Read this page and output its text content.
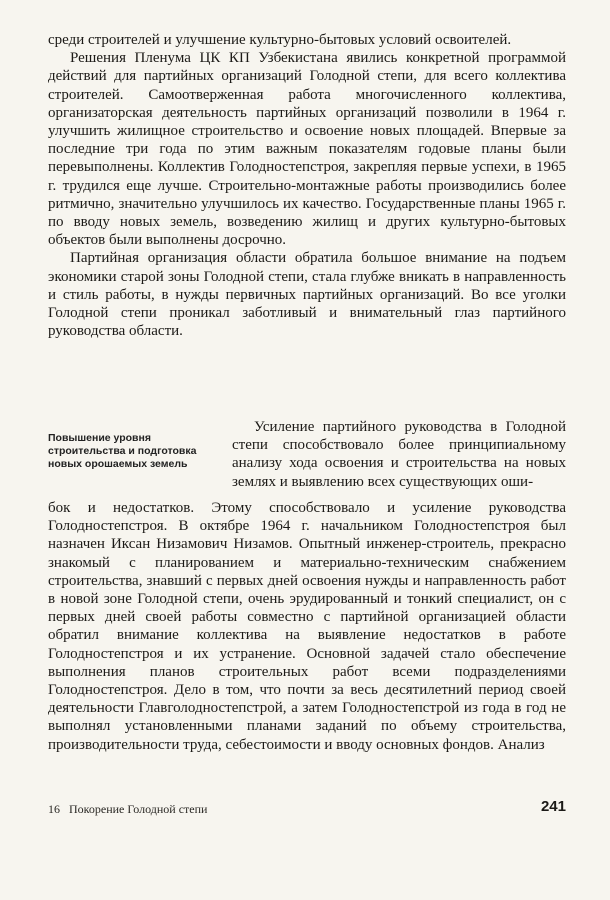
среди строителей и улучшение культурно-бытовых условий освоителей.

Решения Пленума ЦК КП Узбекистана явились конкретной программой действий для партийных организаций Голодной степи, для всего коллектива строителей. Самоотверженная работа многочисленного коллектива, организаторская деятельность партийных организаций позволили в 1964 г. улучшить жилищное строительство и освоение новых площадей. Впервые за последние три года по этим важным показателям годовые планы были перевыполнены. Коллектив Голодностепстроя, закрепляя первые успехи, в 1965 г. трудился еще лучше. Строительно-монтажные работы производились более ритмично, значительно улучшилось их качество. Государственные планы 1965 г. по вводу новых земель, возведению жилищ и других культурно-бытовых объектов были выполнены досрочно.

Партийная организация области обратила большое внимание на подъем экономики старой зоны Голодной степи, стала глубже вникать в направленность и стиль работы, в нужды первичных партийных организаций. Во все уголки Голодной степи проникал заботливый и внимательный глаз партийного руководства области.

Повышение уровня строительства и подготовка новых орошаемых земель

Усиление партийного руководства в Голодной степи способствовало более принципиальному анализу хода освоения и строительства на новых землях и выявлению всех существующих оши-

бок и недостатков. Этому способствовало и усиление руководства Голодностепстроя. В октябре 1964 г. начальником Голодностепстроя был назначен Иксан Низамович Низамов. Опытный инженер-строитель, прекрасно знакомый с планированием и материально-техническим снабжением строительства, знавший с первых дней освоения нужды и направленность работ в новой зоне Голодной степи, очень эрудированный и тонкий специалист, он с первых дней своей работы совместно с партийной организацией области обратил внимание коллектива на выявление недостатков в работе Голодностепстроя и их устранение. Основной задачей стало обеспечение выполнения планов строительных работ всеми подразделениями Голодностепстроя. Дело в том, что почти за весь десятилетний период своей деятельности Главголодностепстрой, а затем Голодностепстрой из года в год не выполнял установленными планами заданий по объему строительства, производительности труда, себестоимости и вводу основных фондов. Анализ

16 Покорение Голодной степи	241
